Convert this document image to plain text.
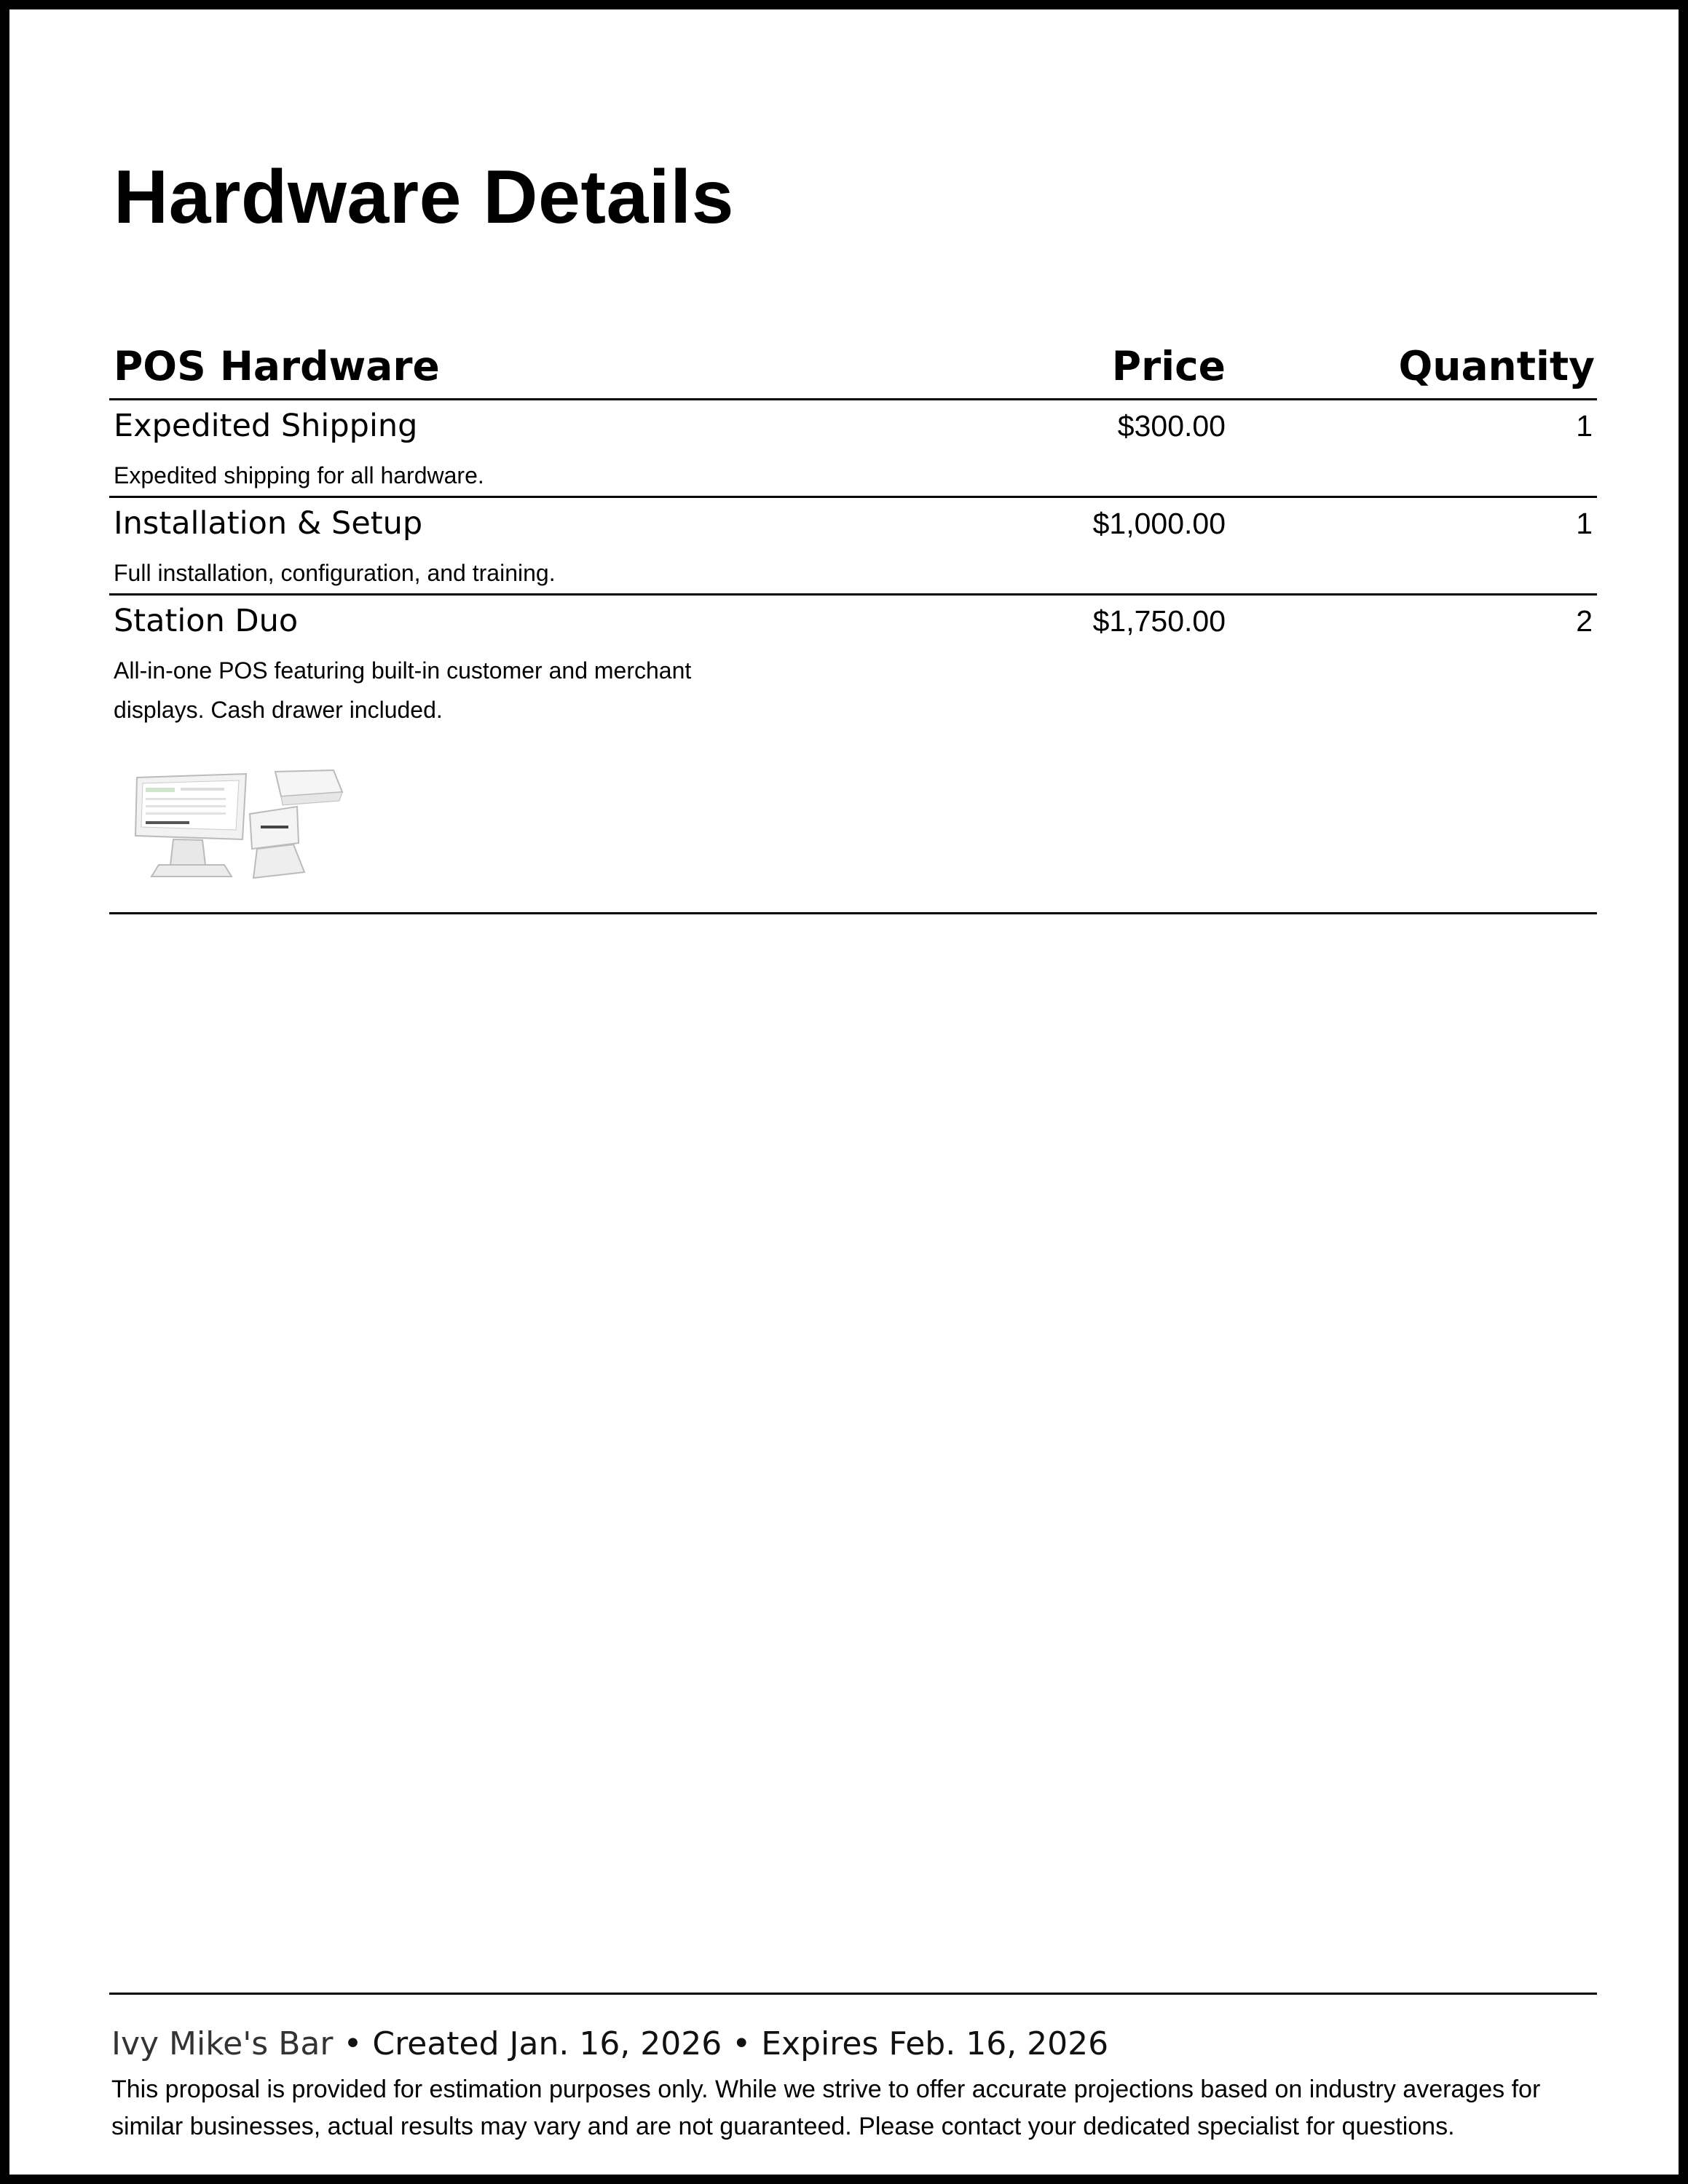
Hardware Details
POS Hardware	Price	Quantity
Expedited Shipping	$300.00	1
Expedited shipping for all hardware.
Installation & Setup	$1,000.00	1
Full installation, configuration, and training.
Station Duo	$1,750.00	2
All-in-one POS featuring built-in customer and merchant displays. Cash drawer included.
Ivy Mike's Bar • Created Jan. 16, 2026 • Expires Feb. 16, 2026
This proposal is provided for estimation purposes only. While we strive to offer accurate projections based on industry averages for similar businesses, actual results may vary and are not guaranteed. Please contact your dedicated specialist for questions.
